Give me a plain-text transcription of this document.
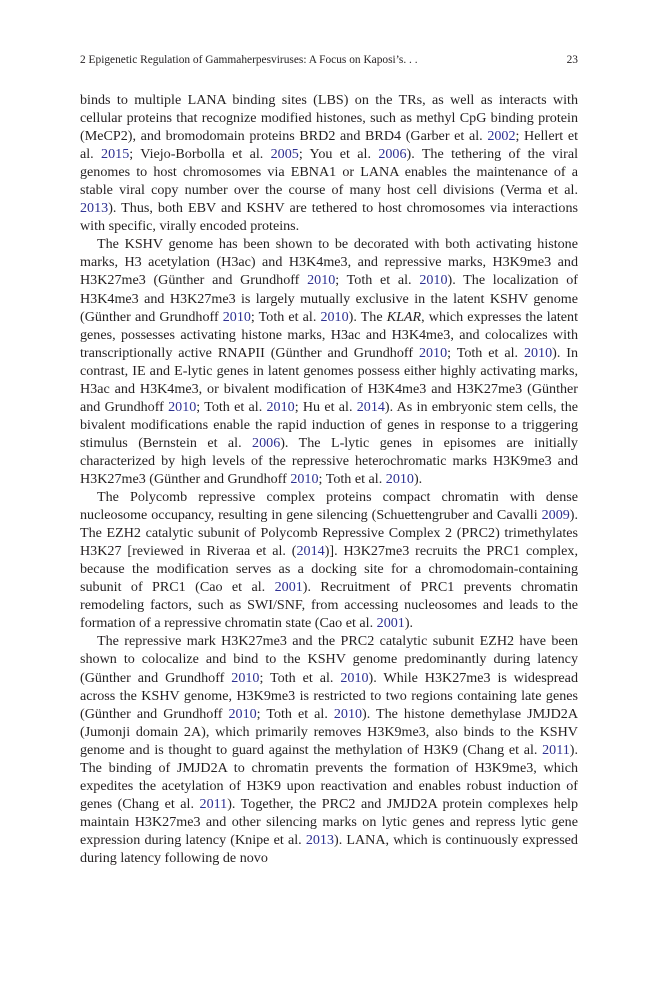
2 Epigenetic Regulation of Gammaherpesviruses: A Focus on Kaposi’s. . .	23

binds to multiple LANA binding sites (LBS) on the TRs, as well as interacts with cellular proteins that recognize modified histones, such as methyl CpG binding protein (MeCP2), and bromodomain proteins BRD2 and BRD4 (Garber et al. 2002; Hellert et al. 2015; Viejo-Borbolla et al. 2005; You et al. 2006). The tethering of the viral genomes to host chromosomes via EBNA1 or LANA enables the maintenance of a stable viral copy number over the course of many host cell divisions (Verma et al. 2013). Thus, both EBV and KSHV are tethered to host chromosomes via interactions with specific, virally encoded proteins.

The KSHV genome has been shown to be decorated with both activating histone marks, H3 acetylation (H3ac) and H3K4me3, and repressive marks, H3K9me3 and H3K27me3 (Günther and Grundhoff 2010; Toth et al. 2010). The localization of H3K4me3 and H3K27me3 is largely mutually exclusive in the latent KSHV genome (Günther and Grundhoff 2010; Toth et al. 2010). The KLAR, which expresses the latent genes, possesses activating histone marks, H3ac and H3K4me3, and colocalizes with transcriptionally active RNAPII (Günther and Grundhoff 2010; Toth et al. 2010). In contrast, IE and E-lytic genes in latent genomes possess either highly activating marks, H3ac and H3K4me3, or bivalent modification of H3K4me3 and H3K27me3 (Günther and Grundhoff 2010; Toth et al. 2010; Hu et al. 2014). As in embryonic stem cells, the bivalent modifications enable the rapid induction of genes in response to a triggering stimulus (Bernstein et al. 2006). The L-lytic genes in episomes are initially characterized by high levels of the repressive heterochromatic marks H3K9me3 and H3K27me3 (Günther and Grundhoff 2010; Toth et al. 2010).

The Polycomb repressive complex proteins compact chromatin with dense nucleosome occupancy, resulting in gene silencing (Schuettengruber and Cavalli 2009). The EZH2 catalytic subunit of Polycomb Repressive Complex 2 (PRC2) trimethylates H3K27 [reviewed in Riveraa et al. (2014)]. H3K27me3 recruits the PRC1 complex, because the modification serves as a docking site for a chromodomain-containing subunit of PRC1 (Cao et al. 2001). Recruitment of PRC1 prevents chromatin remodeling factors, such as SWI/SNF, from accessing nucleosomes and leads to the formation of a repressive chromatin state (Cao et al. 2001).

The repressive mark H3K27me3 and the PRC2 catalytic subunit EZH2 have been shown to colocalize and bind to the KSHV genome predominantly during latency (Günther and Grundhoff 2010; Toth et al. 2010). While H3K27me3 is widespread across the KSHV genome, H3K9me3 is restricted to two regions containing late genes (Günther and Grundhoff 2010; Toth et al. 2010). The histone demethylase JMJD2A (Jumonji domain 2A), which primarily removes H3K9me3, also binds to the KSHV genome and is thought to guard against the methylation of H3K9 (Chang et al. 2011). The binding of JMJD2A to chromatin prevents the formation of H3K9me3, which expedites the acetylation of H3K9 upon reactivation and enables robust induction of genes (Chang et al. 2011). Together, the PRC2 and JMJD2A protein complexes help maintain H3K27me3 and other silencing marks on lytic genes and repress lytic gene expression during latency (Knipe et al. 2013). LANA, which is continuously expressed during latency following de novo
